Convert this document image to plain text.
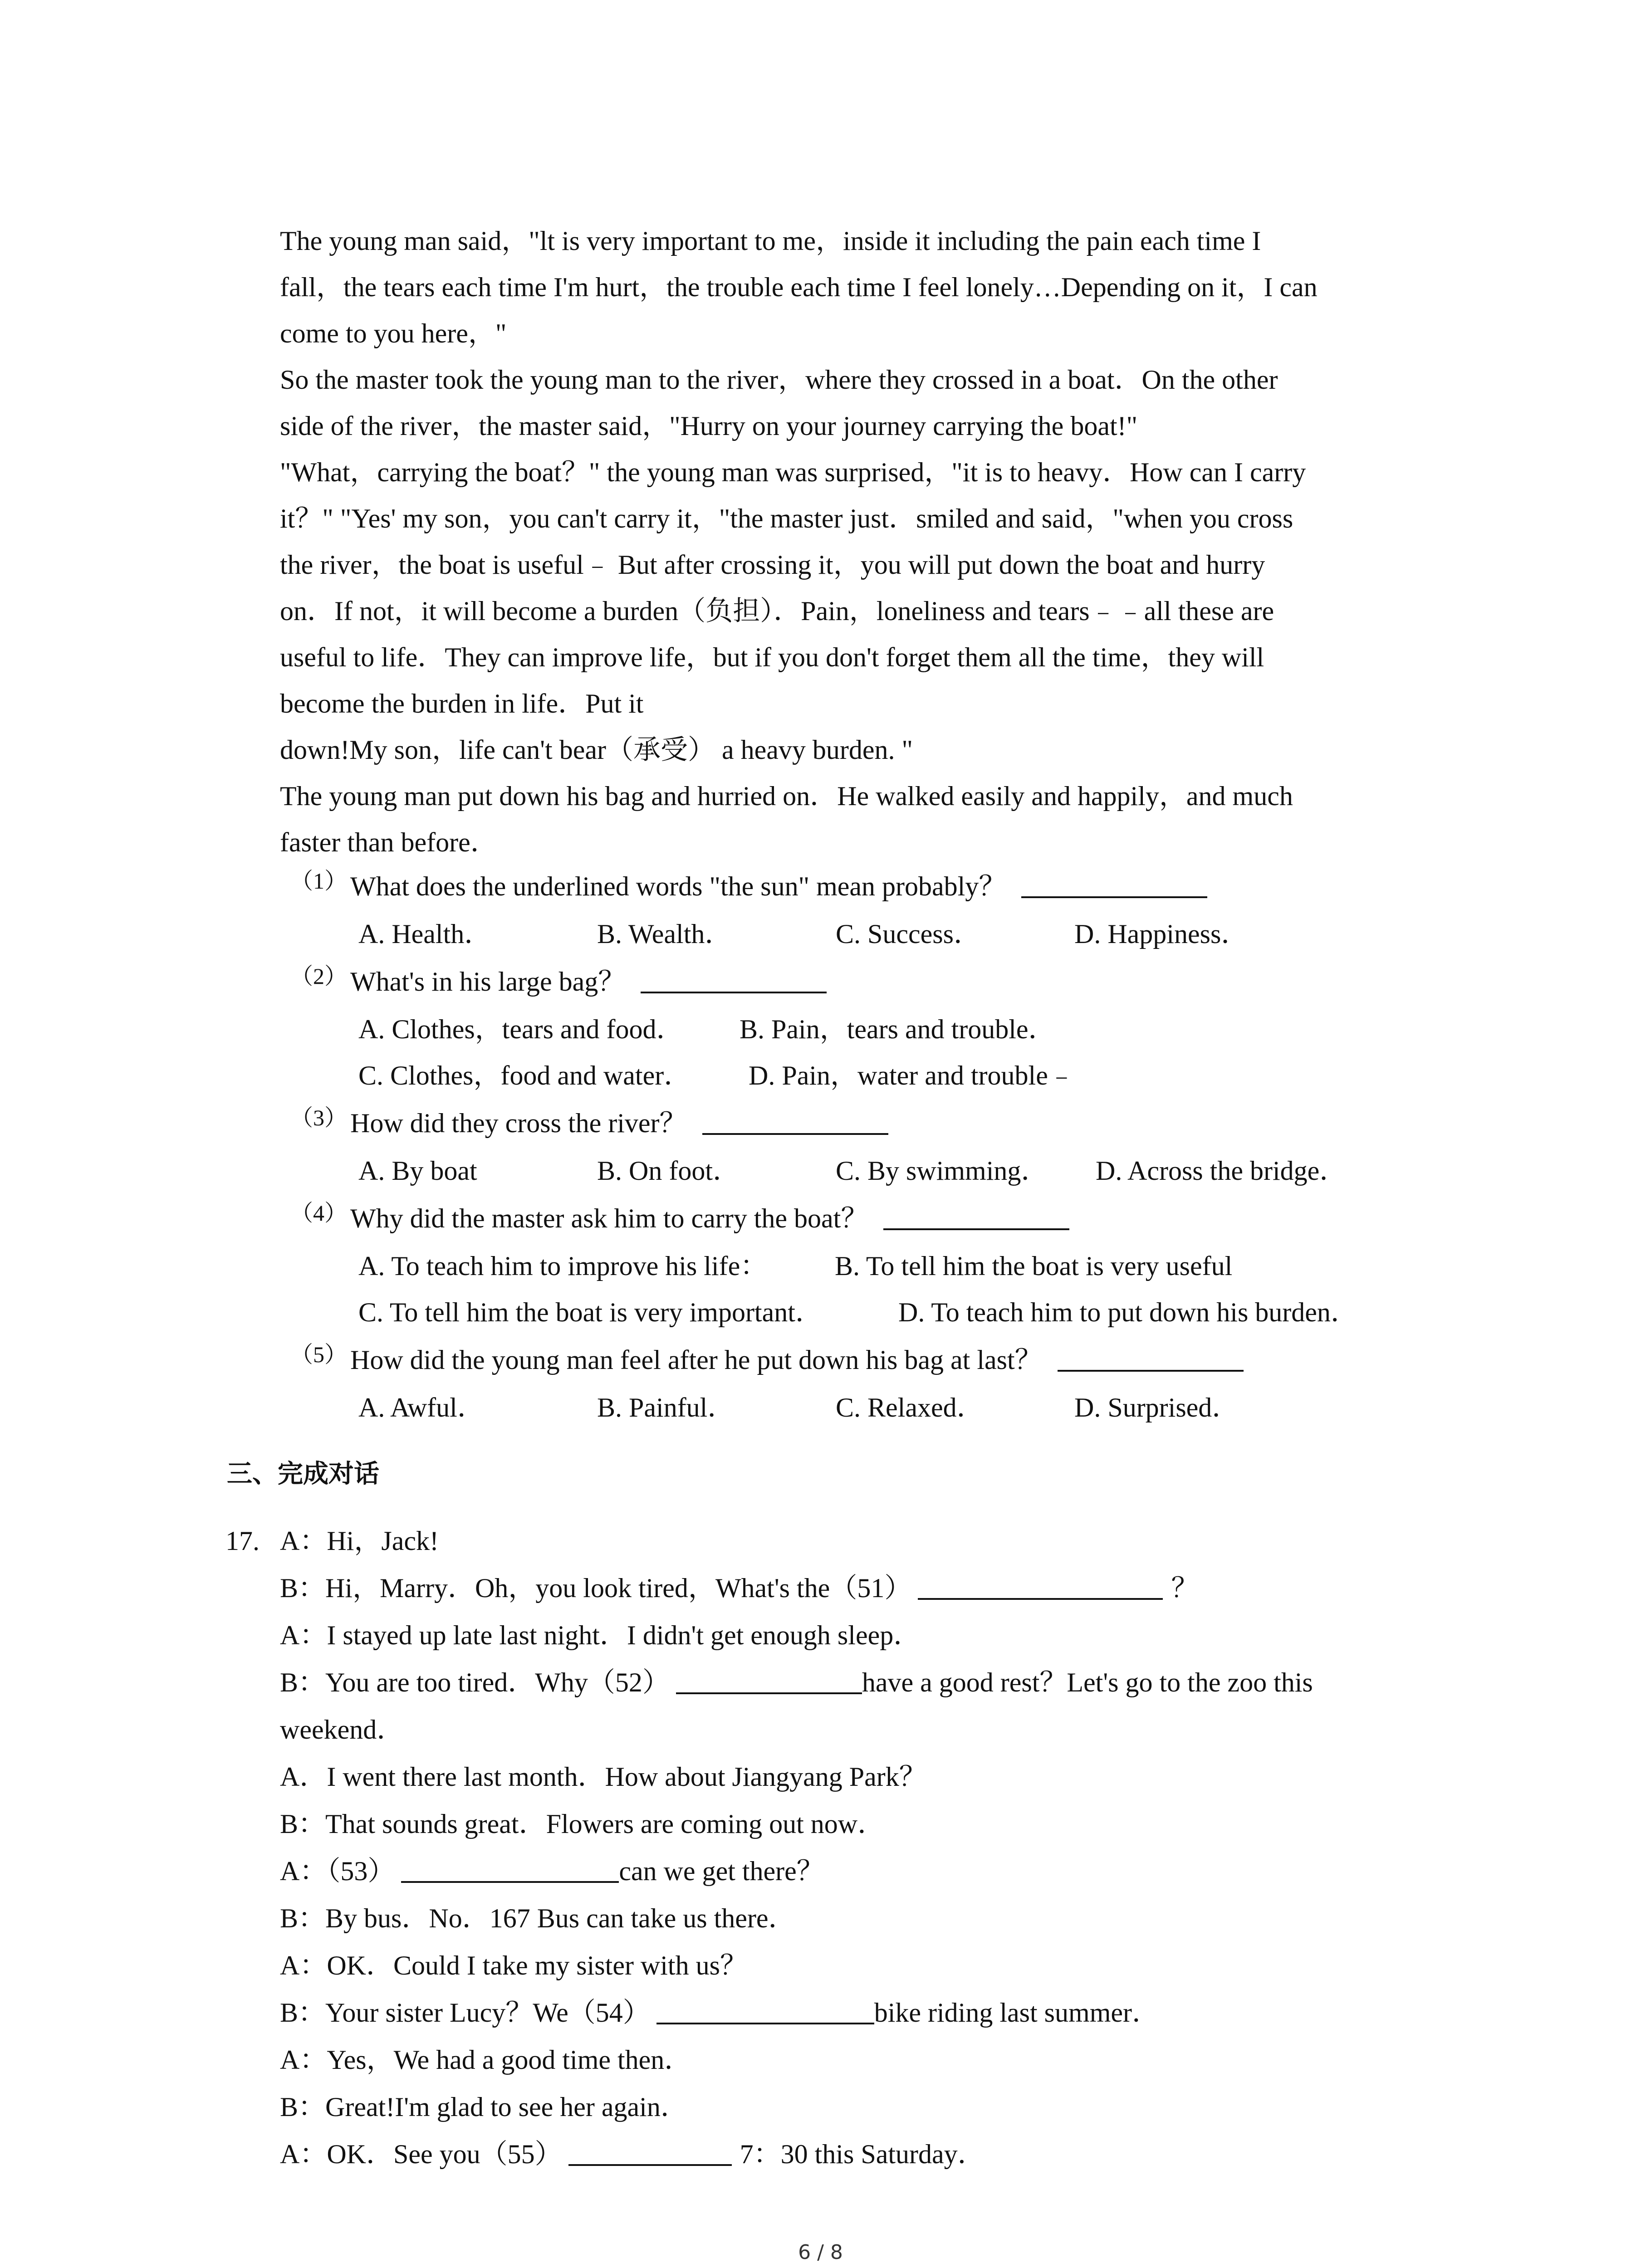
The young man said，"lt is very important to me，inside it including the pain each time I

fall，the tears each time I'm hurt，the trouble each time I feel lonely…Depending on it，I can

come to you here，"

So the master took the young man to the river，where they crossed in a boat．On the other

side of the river，the master said，"Hurry on your journey carrying the boat!"

"What，carrying the boat？" the young man was surprised，"it is to heavy．How can I carry

it？" "Yes' my son，you can't carry it，"the master just．smiled and said，"when you cross

the river，the boat is useful﹣ But after crossing it，you will put down the boat and hurry

on．If not，it will become a burden（负担）．Pain，loneliness and tears﹣﹣all these are

useful to life．They can improve life，but if you don't forget them all the time，they will

become the burden in life．Put it

down!My son，life can't bear（承受） a heavy burden. "

The young man put down his bag and hurried on．He walked easily and happily，and much

faster than before．

（1） What does the underlined words "the sun" mean probably？
A. Health．	B. Wealth．	C. Success．	D. Happiness．
（2） What's in his large bag？
A. Clothes，tears and food． B. Pain，tears and trouble．
C. Clothes，food and water． D. Pain，water and trouble﹣
（3） How did they cross the river？
A. By boat	B. On foot．	C. By swimming． D. Across the bridge．
（4） Why did the master ask him to carry the boat？
A. To teach him to improve his life： B. To tell him the boat is very useful
C. To tell him the boat is very important．	D. To teach him to put down his burden．
（5） How did the young man feel after he put down his bag at last？
A. Awful．	B. Painful．	C. Relaxed．	D. Surprised．
三、完成对话
17. A：Hi，Jack!
B：Hi，Marry．Oh，you look tired，What's the（51）	？
A：I stayed up late last night．I didn't get enough sleep．
B：You are too tired．Why（52）	have a good rest？Let's go to the zoo this
weekend．
A．I went there last month．How about Jiangyang Park？
B：That sounds great．Flowers are coming out now．
A：（53）	can we get there？
B：By bus．No．167 Bus can take us there．
A：OK．Could I take my sister with us？
B：Your sister Lucy？We（54）	bike riding last summer．
A：Yes，We had a good time then．
B：Great!I'm glad to see her again．
A：OK．See you（55）	7：30 this Saturday．
6 / 8
